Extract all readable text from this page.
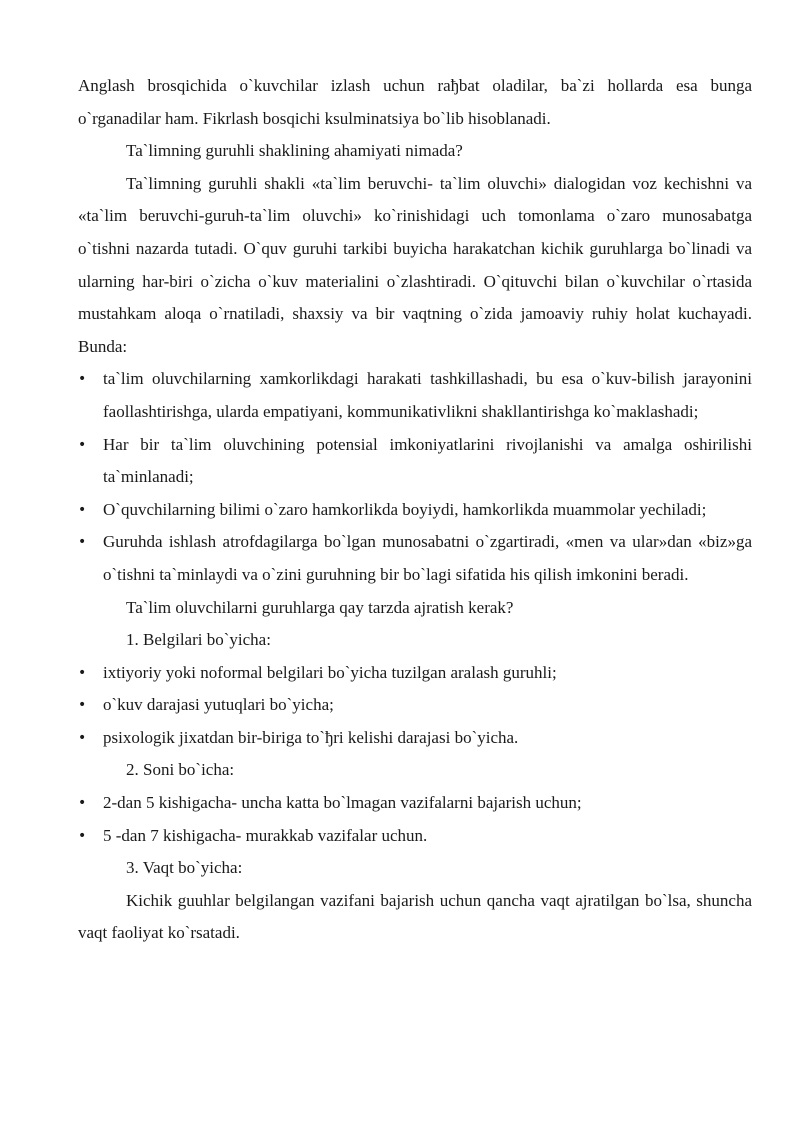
Anglash brosqichida o`kuvchilar izlash uchun raђbat oladilar, ba`zi hollarda esa bunga o`rganadilar ham. Fikrlash bosqichi ksulminatsiya bo`lib hisoblanadi.

Ta`limning guruhli shaklining ahamiyati nimada?

Ta`limning guruhli shakli «ta`lim beruvchi- ta`lim oluvchi» dialogidan voz kechishni va «ta`lim beruvchi-guruh-ta`lim oluvchi» ko`rinishidagi uch tomonlama o`zaro munosabatga o`tishni nazarda tutadi. O`quv guruhi tarkibi buyicha harakatchan kichik guruhlarga bo`linadi va ularning har-biri o`zicha o`kuv materialini o`zlashtiradi. O`qituvchi bilan o`kuvchilar o`rtasida mustahkam aloqa o`rnatiladi, shaxsiy va bir vaqtning o`zida jamoaviy ruhiy holat kuchayadi. Bunda:

• ta`lim oluvchilarning xamkorlikdagi harakati tashkillashadi, bu esa o`kuv-bilish jarayonini faollashtirishga, ularda empatiyani, kommunikativlikni shakllantirishga ko`maklashadi;
• Har bir ta`lim oluvchining potensial imkoniyatlarini rivojlanishi va amalga oshirilishi ta`minlanadi;
• O`quvchilarning bilimi o`zaro hamkorlikda boyiydi, hamkorlikda muammolar yechiladi;
• Guruhda ishlash atrofdagilarga bo`lgan munosabatni o`zgartiradi, «men va ular»dan «biz»ga o`tishni ta`minlaydi va o`zini guruhning bir bo`lagi sifatida his qilish imkonini beradi.

Ta`lim oluvchilarni guruhlarga qay tarzda ajratish kerak?

1. Belgilari bo`yicha:

• ixtiyoriy yoki noformal belgilari bo`yicha tuzilgan aralash guruhli;
• o`kuv darajasi yutuqlari bo`yicha;
• psixologik jixatdan bir-biriga to`ђri kelishi darajasi bo`yicha.

2. Soni bo`icha:

• 2-dan 5 kishigacha- uncha katta bo`lmagan vazifalarni bajarish uchun;
• 5 -dan 7 kishigacha- murakkab vazifalar uchun.

3. Vaqt bo`yicha:

Kichik guuhlar belgilangan vazifani bajarish uchun qancha vaqt ajratilgan bo`lsa, shuncha vaqt faoliyat ko`rsatadi.
